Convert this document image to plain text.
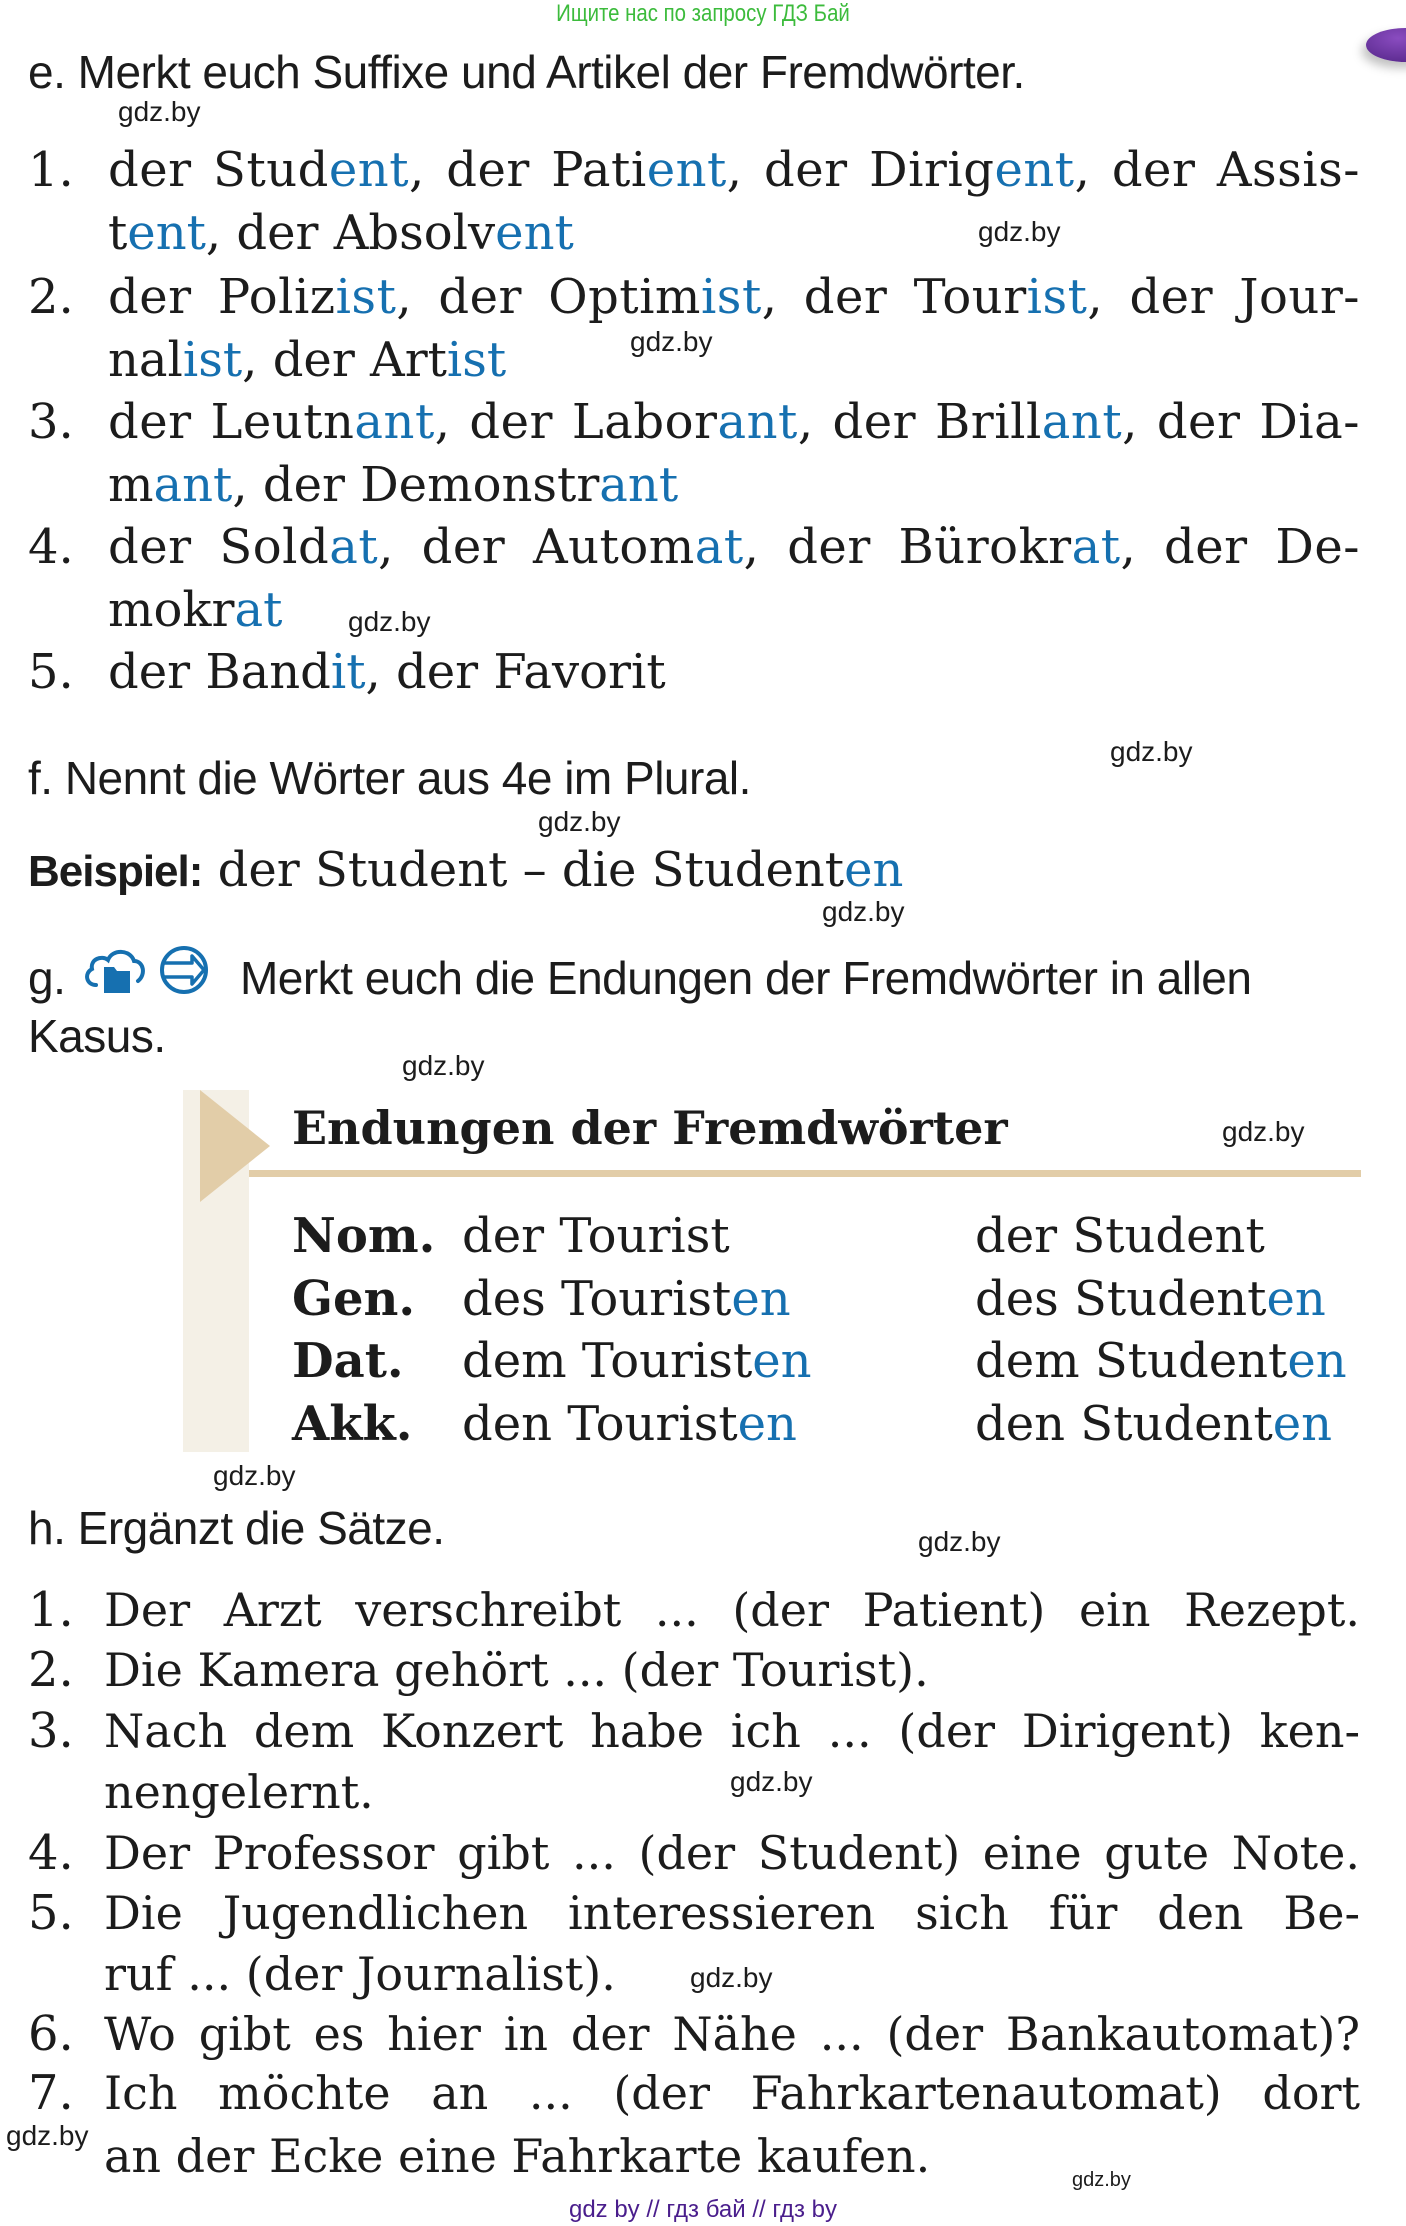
Ищите нас по запросу ГДЗ Бай
e. Merkt euch Suffixe und Artikel der Fremdwörter.
gdz.by
1. der Student, der Patient, der Dirigent, der Assis-
tent, der Absolvent
2. der Polizist, der Optimist, der Tourist, der Jour-
nalist, der Artist
3. der Leutnant, der Laborant, der Brillant, der Dia-
mant, der Demonstrant
4. der Soldat, der Automat, der Bürokrat, der De-
mokrat
5. der Bandit, der Favorit
gdz.by
gdz.by
gdz.by
gdz.by
f. Nennt die Wörter aus 4e im Plural.
gdz.by
Beispiel: der Student – die Studenten
gdz.by
g.	Merkt euch die Endungen der Fremdwörter in allen
Kasus.
gdz.by
Endungen der Fremdwörter	gdz.by
Nom. der Tourist	der Student
Gen. des Touristen	des Studenten
Dat. dem Touristen	dem Studenten
Akk. den Touristen	den Studenten
gdz.by
h. Ergänzt die Sätze.	gdz.by
1. Der Arzt verschreibt ... (der Patient) ein Rezept.
2. Die Kamera gehört ... (der Tourist).
3. Nach dem Konzert habe ich ... (der Dirigent) ken-
nengelernt.
4. Der Professor gibt ... (der Student) eine gute Note.
5. Die Jugendlichen interessieren sich für den Be-
ruf ... (der Journalist).
6. Wo gibt es hier in der Nähe ... (der Bankautomat)?
7. Ich möchte an ... (der Fahrkartenautomat) dort
an der Ecke eine Fahrkarte kaufen.
gdz.by
gdz.by
gdz.by
gdz.by
gdz by // гдз бай // гдз by
